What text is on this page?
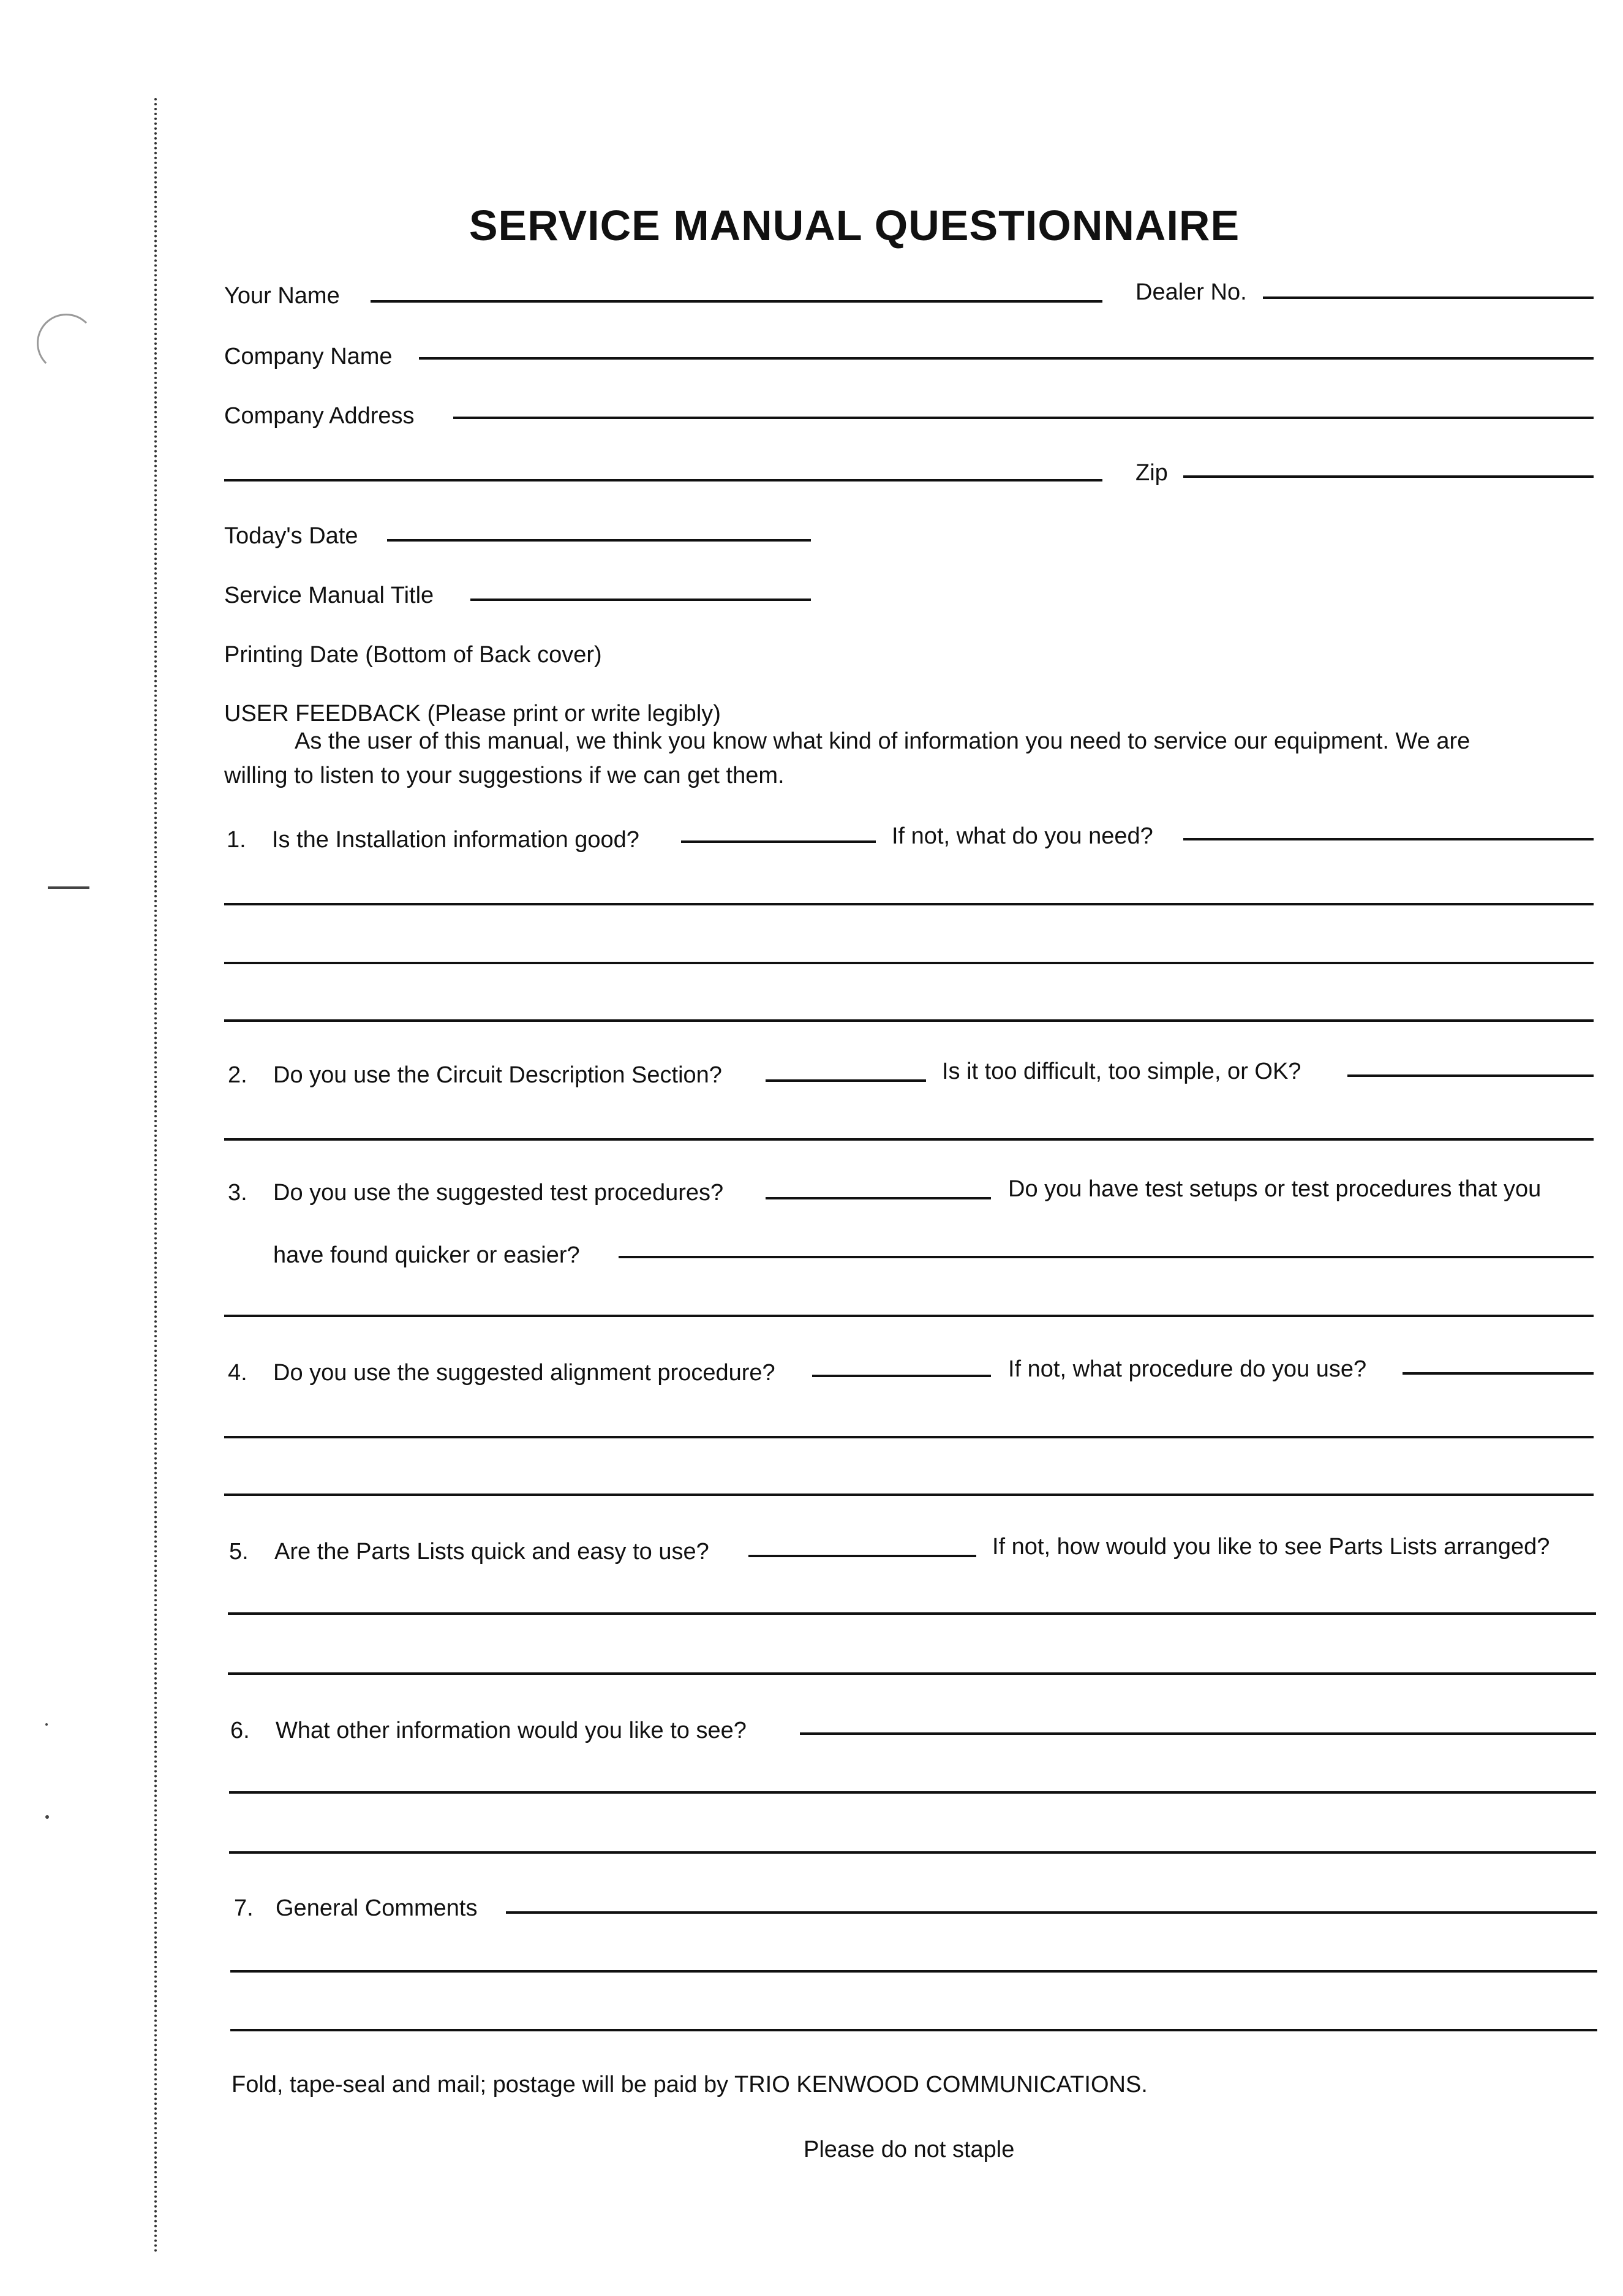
SERVICE MANUAL QUESTIONNAIRE
Your Name	Dealer No.
Company Name
Company Address
Zip
Today's Date
Service Manual Title
Printing Date (Bottom of Back cover)
USER FEEDBACK (Please print or write legibly)
As the user of this manual, we think you know what kind of information you need to service our equipment. We are
willing to listen to your suggestions if we can get them.
1. Is the Installation information good?	If not, what do you need?
2. Do you use the Circuit Description Section?	Is it too difficult, too simple, or OK?
3. Do you use the suggested test procedures?	Do you have test setups or test procedures that you
have found quicker or easier?
4. Do you use the suggested alignment procedure?	If not, what procedure do you use?
5. Are the Parts Lists quick and easy to use?	If not, how would you like to see Parts Lists arranged?
6. What other information would you like to see?
7. General Comments
Fold, tape-seal and mail; postage will be paid by TRIO KENWOOD COMMUNICATIONS.
Please do not staple
